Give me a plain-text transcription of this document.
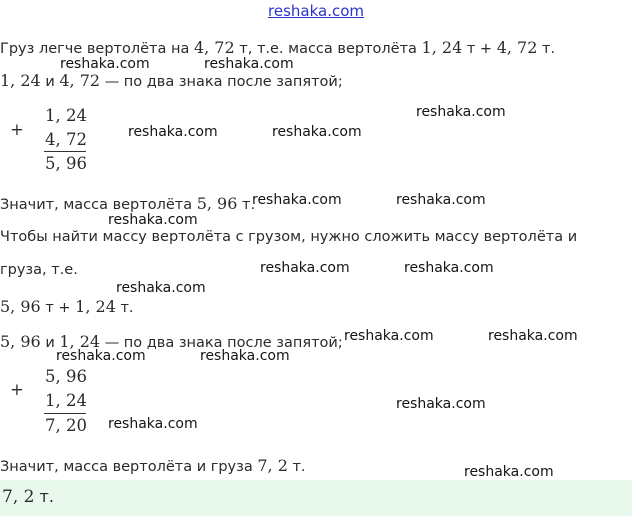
reshaka.com
Груз легче вертолёта на 4, 72 т, т.е. масса вертолёта 1, 24 т + 4, 72 т.
reshaka.com	reshaka.com
1, 24 и 4, 72 — по два знака после запятой;
reshaka.com
+
1, 24
4, 72
5, 96
reshaka.com	reshaka.com
Значит, масса вертолёта 5, 96 т.
reshaka.com	reshaka.com
reshaka.com
Чтобы найти массу вертолёта с грузом, нужно сложить массу вертолёта и
груза, т.е.	reshaka.com	reshaka.com
reshaka.com
5, 96 т + 1, 24 т.
5, 96 и 1, 24 — по два знака после запятой; reshaka.com	reshaka.com
reshaka.com	reshaka.com
+
5, 96
1, 24
7, 20
reshaka.com
reshaka.com
Значит, масса вертолёта и груза 7, 2 т.	reshaka.com
7, 2 т.
